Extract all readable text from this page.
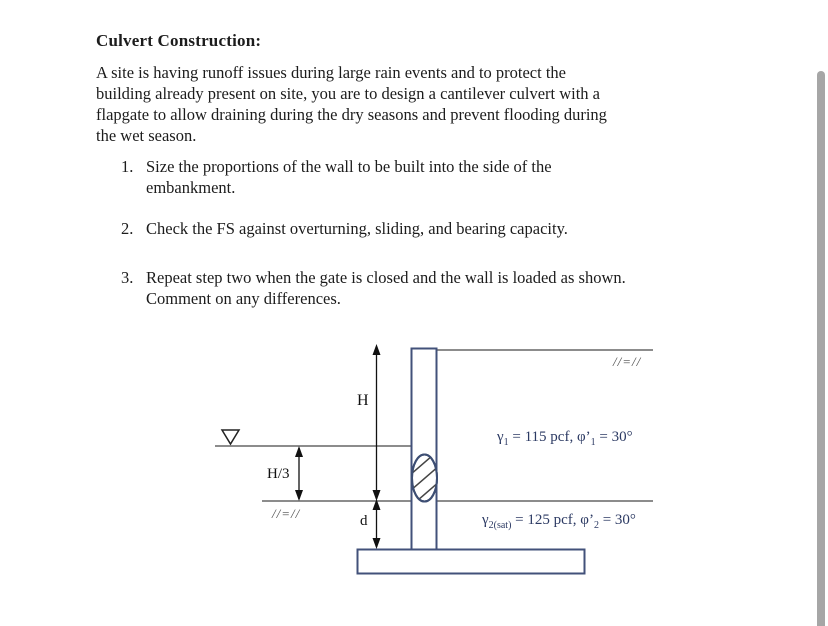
Culvert Construction:
A site is having runoff issues during large rain events and to protect the
building already present on site, you are to design a cantilever culvert with a
flapgate to allow draining during the dry seasons and prevent flooding during
the wet season.
1. Size the proportions of the wall to be built into the side of the
embankment.
2. Check the FS against overturning, sliding, and bearing capacity.
3. Repeat step two when the gate is closed and the wall is loaded as shown.
Comment on any differences.
H
H/3
d
//=//
//=//
$\gamma_1 = 115$ pcf, $\varphi’_1 = 30^\circ$
$\gamma_{2(sat)} = 125$ pcf, $\varphi’_2 = 30^\circ$
